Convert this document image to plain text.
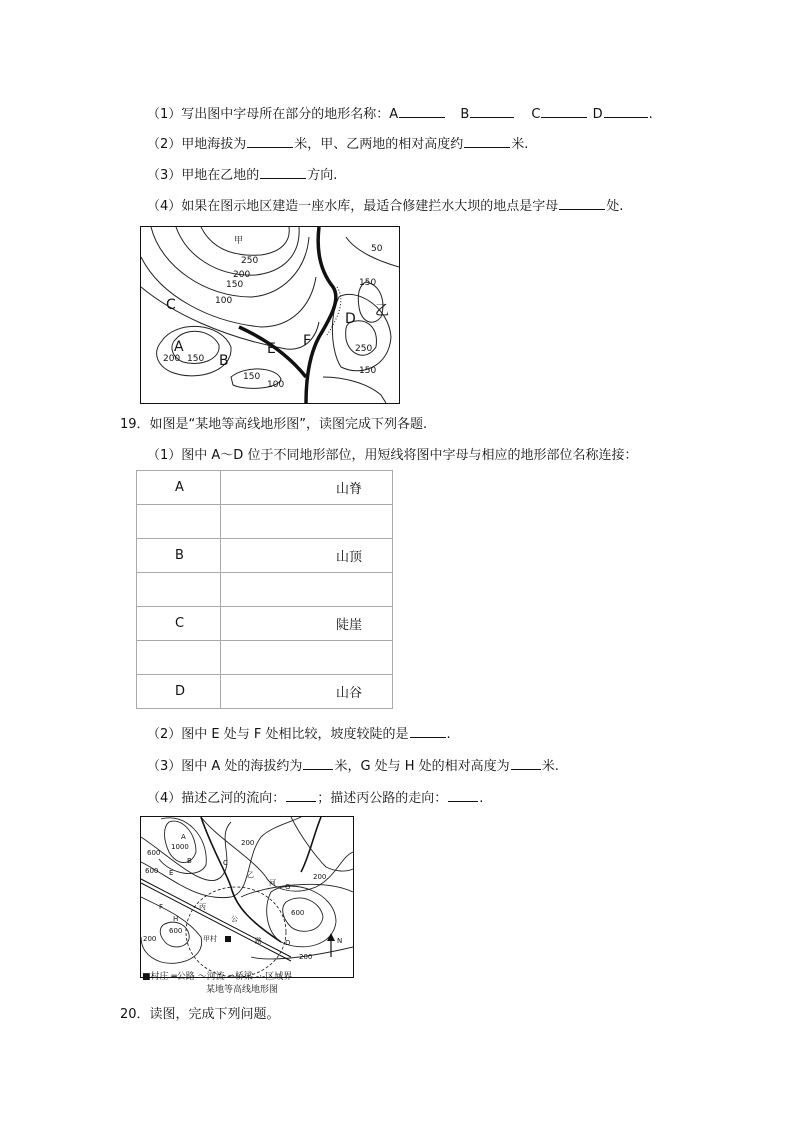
（1）写出图中字母所在部分的地形名称：A	B	C	D	.
（2）甲地海拔为	米，甲、乙两地的相对高度约	米.
（3）甲地在乙地的	方向.
（4）如果在图示地区建造一座水库，最适合修建拦水大坝的地点是字母	处.
甲
250
200
150
100
50
150
250
150
200 150
150
100
C
A
B
E F
D 乙
19．如图是“某地等高线地形图”，读图完成下列各题.
（1）图中 A～D 位于不同地形部位，用短线将图中字母与相应的地形部位名称连接：
A	山脊

B	山顶

C	陡崖

D	山谷
（2）图中 E 处与 F 处相比较，坡度较陡的是	.
（3）图中 A 处的海拔约为 米，G 处与 H 处的相对高度为 米.
（4）描述乙河的流向： ；描述丙公路的走向： .
600
1000
600
200
200
600
600
200
200
A
B	C
D
E
F
G
H
丙
公
路
乙
河
甲村	N
■村庄 ═公路 〜河流 ⋍桥梁 ‑·‑区域界
某地等高线地形图
20．读图，完成下列问题。
